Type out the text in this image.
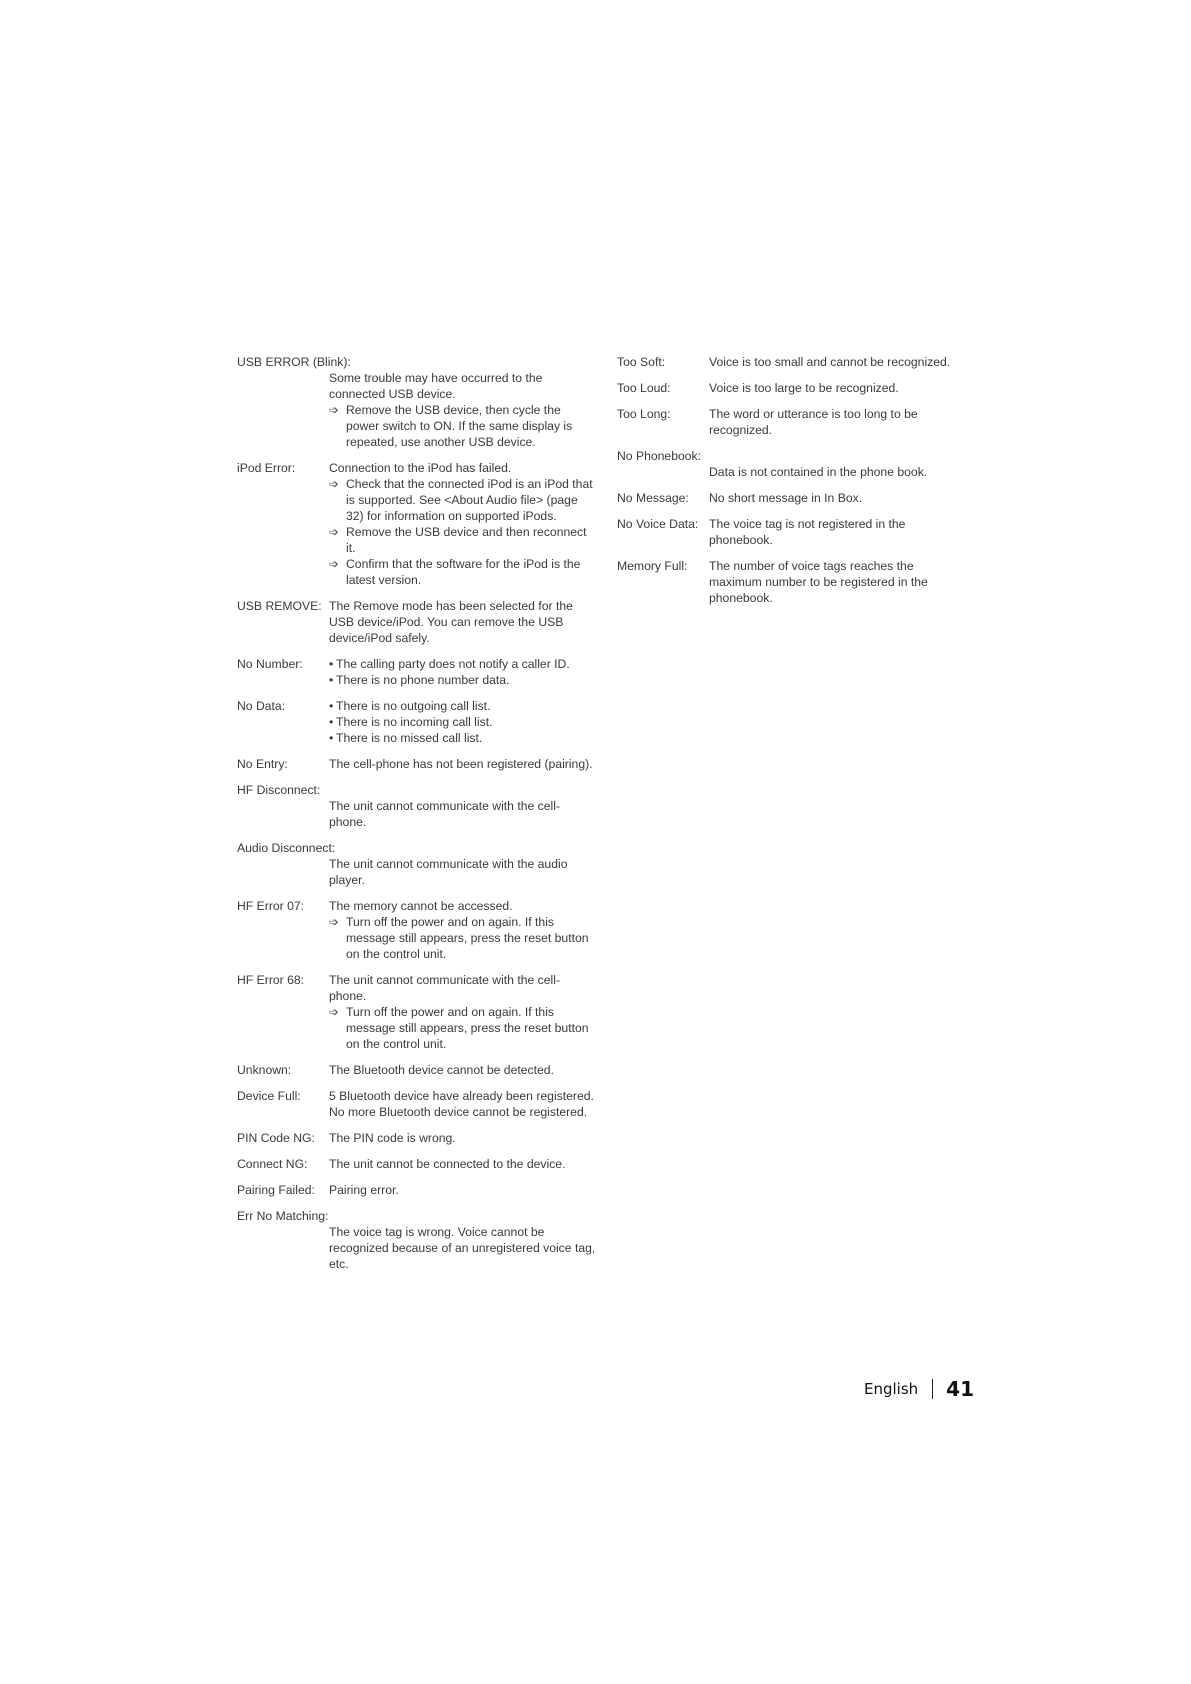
USB ERROR (Blink):

Some trouble may have occurred to the connected USB device.

➩ Remove the USB device, then cycle the power switch to ON. If the same display is repeated, use another USB device.
iPod Error:	Connection to the iPod has failed.

➩ Check that the connected iPod is an iPod that is supported. See <About Audio file> (page 32) for information on supported iPods.
➩ Remove the USB device and then reconnect it.
➩ Confirm that the software for the iPod is the latest version.
USB REMOVE: The Remove mode has been selected for the USB device/iPod. You can remove the USB device/iPod safely.

No Number:	• The calling party does not notify a caller ID.
• There is no phone number data.
No Data:	• There is no outgoing call list.
• There is no incoming call list.
• There is no missed call list.
No Entry:	The cell-phone has not been registered (pairing).

HF Disconnect:

The unit cannot communicate with the cell-phone.

Audio Disconnect:

The unit cannot communicate with the audio player.

HF Error 07:	The memory cannot be accessed.

➩ Turn off the power and on again. If this message still appears, press the reset button on the control unit.
HF Error 68:	The unit cannot communicate with the cell-phone.

➩ Turn off the power and on again. If this message still appears, press the reset button on the control unit.
Unknown:	The Bluetooth device cannot be detected.

Device Full:	5 Bluetooth device have already been registered. No more Bluetooth device cannot be registered.

PIN Code NG:	The PIN code is wrong.

Connect NG:	The unit cannot be connected to the device.

Pairing Failed:	Pairing error.

Err No Matching:

The voice tag is wrong. Voice cannot be recognized because of an unregistered voice tag, etc.

Too Soft:	Voice is too small and cannot be recognized.

Too Loud:	Voice is too large to be recognized.

Too Long:	The word or utterance is too long to be recognized.

No Phonebook:

Data is not contained in the phone book.

No Message:	No short message in In Box.

No Voice Data: The voice tag is not registered in the phonebook.

Memory Full:	The number of voice tags reaches the maximum number to be registered in the phonebook.

English 41
